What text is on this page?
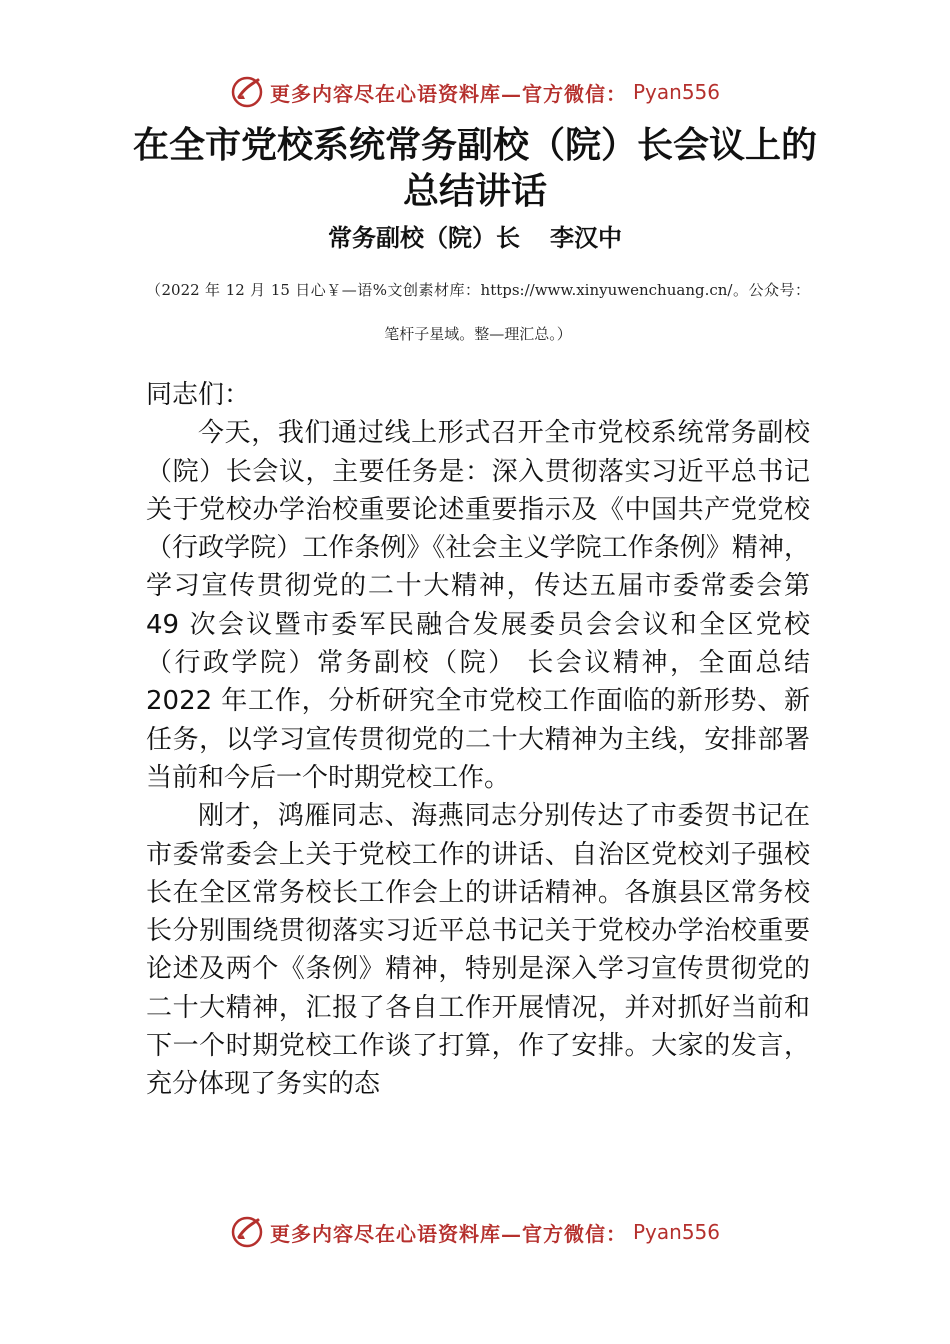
更多内容尽在心语资料库—官方微信： Pyan556
在全市党校系统常务副校（院）长会议上的总结讲话
常务副校（院）长 李汉中
（2022 年 12 月 15 日心￥—语%文创素材库：https://www.xinyuwenchuang.cn/。公众号：笔杆子星域。整—理汇总。）

同志们：

今天，我们通过线上形式召开全市党校系统常务副校（院）长会议，主要任务是：深入贯彻落实习近平总书记关于党校办学治校重要论述重要指示及《中国共产党党校（行政学院）工作条例》《社会主义学院工作条例》精神，学习宣传贯彻党的二十大精神，传达五届市委常委会第 49 次会议暨市委军民融合发展委员会会议和全区党校（行政学院）常务副校（院） 长会议精神，全面总结 2022 年工作，分析研究全市党校工作面临的新形势、新任务，以学习宣传贯彻党的二十大精神为主线，安排部署当前和今后一个时期党校工作。

刚才，鸿雁同志、海燕同志分别传达了市委贺书记在市委常委会上关于党校工作的讲话、自治区党校刘子强校长在全区常务校长工作会上的讲话精神。各旗县区常务校长分别围绕贯彻落实习近平总书记关于党校办学治校重要论述及两个《条例》精神，特别是深入学习宣传贯彻党的二十大精神，汇报了各自工作开展情况，并对抓好当前和下一个时期党校工作谈了打算，作了安排。大家的发言，充分体现了务实的态

更多内容尽在心语资料库—官方微信： Pyan556
